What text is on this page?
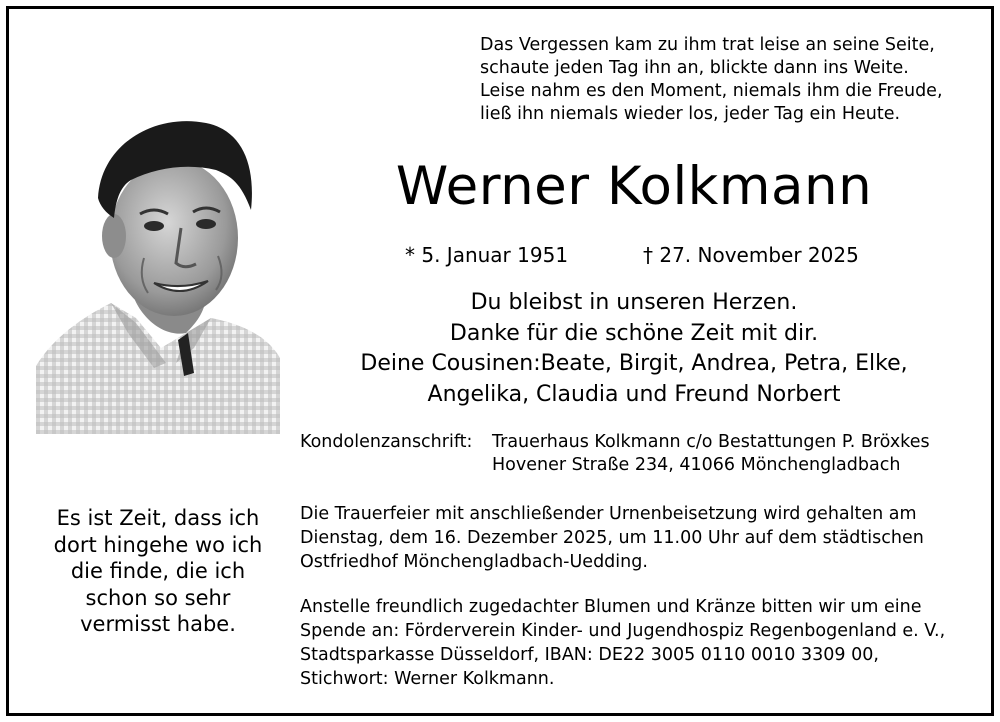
Das Vergessen kam zu ihm trat leise an seine Seite,
schaute jeden Tag ihn an, blickte dann ins Weite.
Leise nahm es den Moment, niemals ihm die Freude,
ließ ihn niemals wieder los, jeder Tag ein Heute.
Werner Kolkmann
* 5. Januar 1951	† 27. November 2025
Du bleibst in unseren Herzen.
Danke für die schöne Zeit mit dir.
Deine Cousinen:Beate, Birgit, Andrea, Petra, Elke,
Angelika, Claudia und Freund Norbert
Kondolenzanschrift: Trauerhaus Kolkmann c/o Bestattungen P. Bröxkes
Hovener Straße 234, 41066 Mönchengladbach
Die Trauerfeier mit anschließender Urnenbeisetzung wird gehalten am
Dienstag, dem 16. Dezember 2025, um 11.00 Uhr auf dem städtischen
Ostfriedhof Mönchengladbach-Uedding.
Anstelle freundlich zugedachter Blumen und Kränze bitten wir um eine
Spende an: Förderverein Kinder- und Jugendhospiz Regenbogenland e. V.,
Stadtsparkasse Düsseldorf, IBAN: DE22 3005 0110 0010 3309 00,
Stichwort: Werner Kolkmann.
Es ist Zeit, dass ich
dort hingehe wo ich
die finde, die ich
schon so sehr
vermisst habe.
